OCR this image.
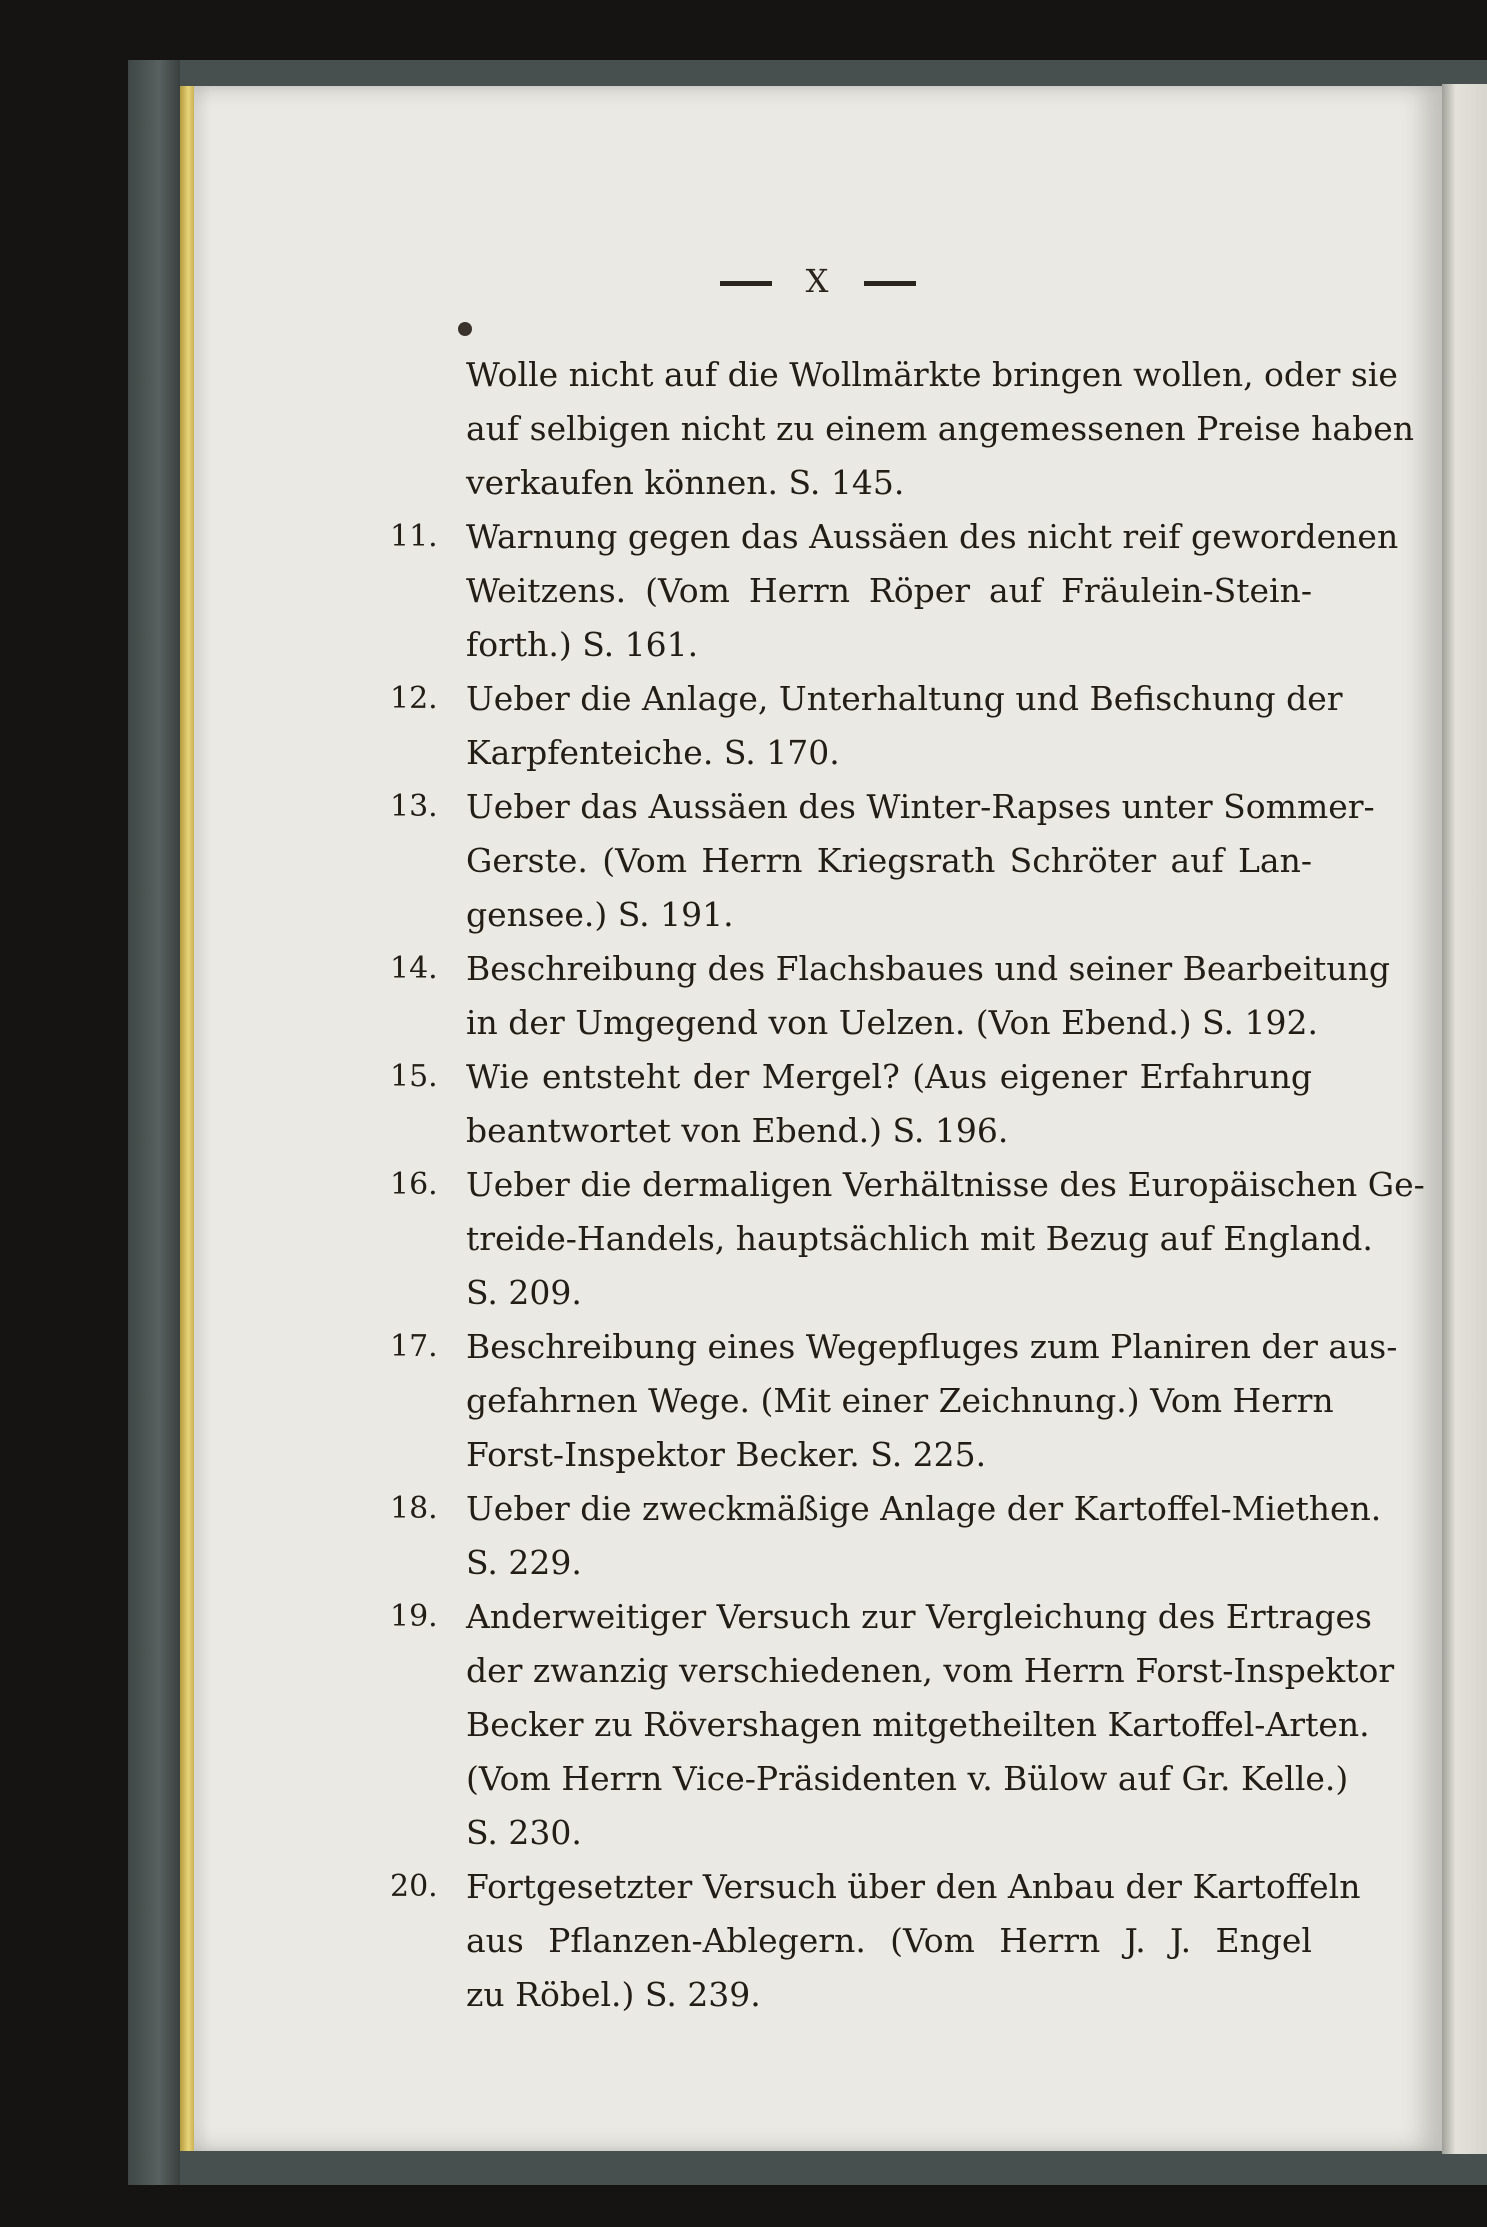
X
Wolle nicht auf die Wollmärkte bringen wollen, oder sie
auf selbigen nicht zu einem angemessenen Preise haben
verkaufen können. S. 145.
11. Warnung gegen das Aussäen des nicht reif gewordenen
Weitzens. (Vom Herrn Röper auf Fräulein-Stein-
forth.) S. 161.
12. Ueber die Anlage, Unterhaltung und Befischung der
Karpfenteiche. S. 170.
13. Ueber das Aussäen des Winter-Rapses unter Sommer-
Gerste. (Vom Herrn Kriegsrath Schröter auf Lan-
gensee.) S. 191.
14. Beschreibung des Flachsbaues und seiner Bearbeitung
in der Umgegend von Uelzen. (Von Ebend.) S. 192.
15. Wie entsteht der Mergel? (Aus eigener Erfahrung
beantwortet von Ebend.) S. 196.
16. Ueber die dermaligen Verhältnisse des Europäischen Ge-
treide-Handels, hauptsächlich mit Bezug auf England.
S. 209.
17. Beschreibung eines Wegepfluges zum Planiren der aus-
gefahrnen Wege. (Mit einer Zeichnung.) Vom Herrn
Forst-Inspektor Becker. S. 225.
18. Ueber die zweckmäßige Anlage der Kartoffel-Miethen.
S. 229.
19. Anderweitiger Versuch zur Vergleichung des Ertrages
der zwanzig verschiedenen, vom Herrn Forst-Inspektor
Becker zu Rövershagen mitgetheilten Kartoffel-Arten.
(Vom Herrn Vice-Präsidenten v. Bülow auf Gr. Kelle.)
S. 230.
20. Fortgesetzter Versuch über den Anbau der Kartoffeln
aus Pflanzen-Ablegern. (Vom Herrn J. J. Engel
zu Röbel.) S. 239.
